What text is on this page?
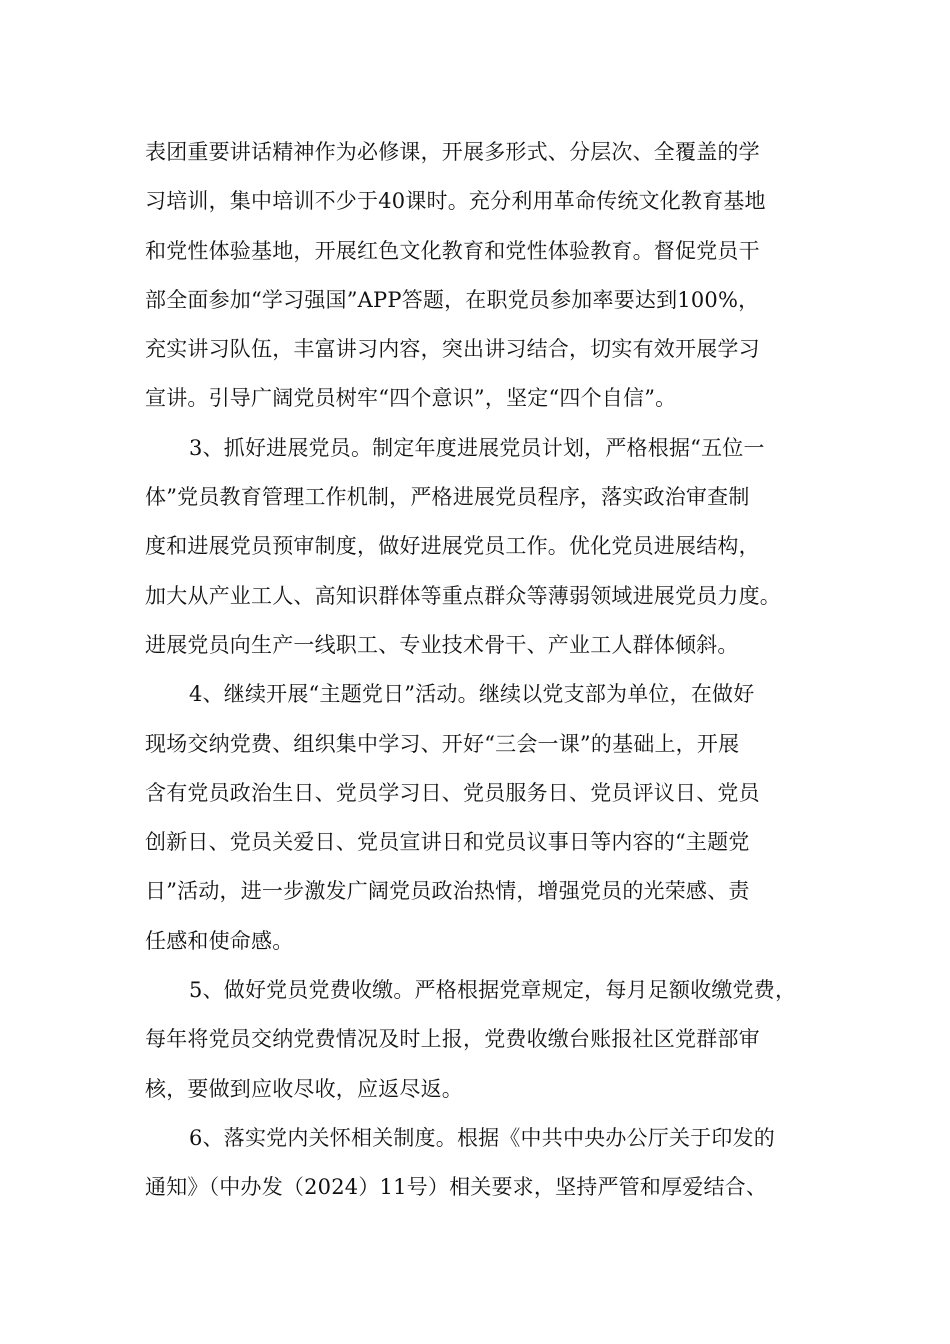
表团重要讲话精神作为必修课，开展多形式、分层次、全覆盖的学
习培训，集中培训不少于40课时。充分利用革命传统文化教育基地
和党性体验基地，开展红色文化教育和党性体验教育。督促党员干
部全面参加“学习强国”APP答题，在职党员参加率要达到100%，
充实讲习队伍，丰富讲习内容，突出讲习结合，切实有效开展学习
宣讲。引导广阔党员树牢“四个意识”，坚定“四个自信”。
3、抓好进展党员。制定年度进展党员计划，严格根据“五位一
体”党员教育管理工作机制，严格进展党员程序，落实政治审查制
度和进展党员预审制度，做好进展党员工作。优化党员进展结构，
加大从产业工人、高知识群体等重点群众等薄弱领域进展党员力度。
进展党员向生产一线职工、专业技术骨干、产业工人群体倾斜。
4、继续开展“主题党日”活动。继续以党支部为单位，在做好
现场交纳党费、组织集中学习、开好“三会一课”的基础上，开展
含有党员政治生日、党员学习日、党员服务日、党员评议日、党员
创新日、党员关爱日、党员宣讲日和党员议事日等内容的“主题党
日”活动，进一步激发广阔党员政治热情，增强党员的光荣感、责
任感和使命感。
5、做好党员党费收缴。严格根据党章规定，每月足额收缴党费，
每年将党员交纳党费情况及时上报，党费收缴台账报社区党群部审
核，要做到应收尽收，应返尽返。
6、落实党内关怀相关制度。根据《中共中央办公厅关于印发的
通知》（中办发（2024）11号）相关要求，坚持严管和厚爱结合、
